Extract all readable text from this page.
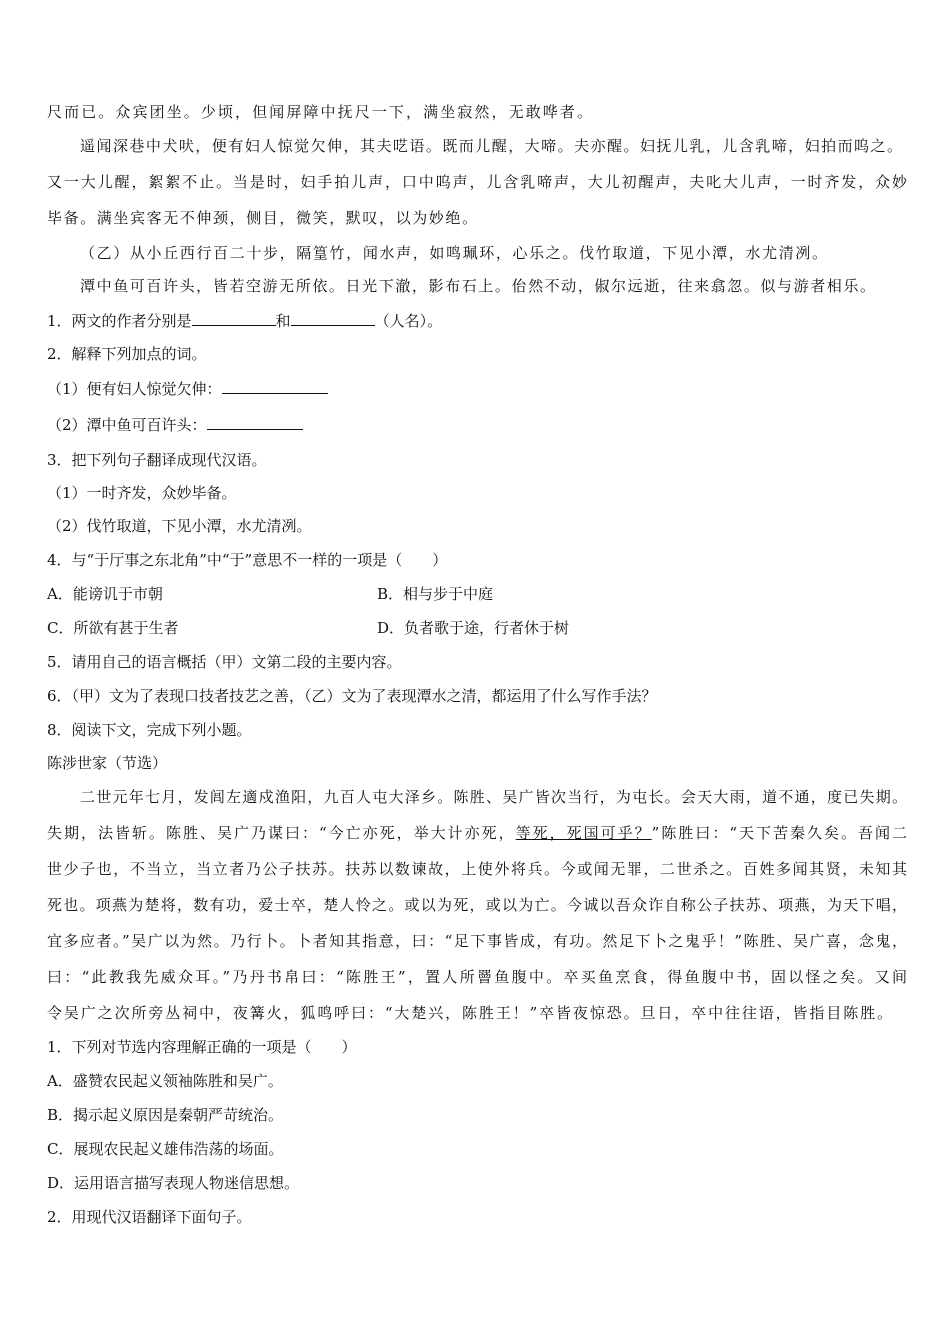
尺而已。众宾团坐。少顷，但闻屏障中抚尺一下，满坐寂然，无敢哗者。
遥闻深巷中犬吠，便有妇人惊觉欠伸，其夫呓语。既而儿醒，大啼。夫亦醒。妇抚儿乳，儿含乳啼，妇拍而呜之。
又一大儿醒，絮絮不止。当是时，妇手拍儿声，口中呜声，儿含乳啼声，大儿初醒声，夫叱大儿声，一时齐发，众妙
毕备。满坐宾客无不伸颈，侧目，微笑，默叹，以为妙绝。
（乙）从小丘西行百二十步，隔篁竹，闻水声，如鸣珮环，心乐之。伐竹取道，下见小潭，水尤清冽。
潭中鱼可百许头，皆若空游无所依。日光下澈，影布石上。佁然不动，俶尔远逝，往来翕忽。似与游者相乐。
1．两文的作者分别是	和	（人名）。
2．解释下列加点的词。
（1）便有妇人惊觉欠伸：
（2）潭中鱼可百许头：
3．把下列句子翻译成现代汉语。
（1）一时齐发，众妙毕备。
（2）伐竹取道，下见小潭，水尤清冽。
4．与“于厅事之东北角”中“于”意思不一样的一项是（　　）
A．能谤讥于市朝	B．相与步于中庭
C．所欲有甚于生者	D．负者歌于途，行者休于树
5．请用自己的语言概括（甲）文第二段的主要内容。
6．（甲）文为了表现口技者技艺之善，（乙）文为了表现潭水之清，都运用了什么写作手法？
8．阅读下文，完成下列小题。
陈涉世家（节选）
二世元年七月，发闾左適戍渔阳，九百人屯大泽乡。陈胜、吴广皆次当行，为屯长。会天大雨，道不通，度已失期。
失期，法皆斩。陈胜、吴广乃谋曰：“今亡亦死，举大计亦死，等死，死国可乎？”陈胜曰：“天下苦秦久矣。吾闻二
世少子也，不当立，当立者乃公子扶苏。扶苏以数谏故，上使外将兵。今或闻无罪，二世杀之。百姓多闻其贤，未知其
死也。项燕为楚将，数有功，爱士卒，楚人怜之。或以为死，或以为亡。今诚以吾众诈自称公子扶苏、项燕，为天下唱，
宜多应者。”吴广以为然。乃行卜。卜者知其指意，曰：“足下事皆成，有功。然足下卜之鬼乎！”陈胜、吴广喜，念鬼，
曰：“此教我先威众耳。”乃丹书帛曰：“陈胜王”，置人所罾鱼腹中。卒买鱼烹食，得鱼腹中书，固以怪之矣。又间
令吴广之次所旁丛祠中，夜篝火，狐鸣呼曰：“大楚兴，陈胜王！”卒皆夜惊恐。旦日，卒中往往语，皆指目陈胜。
1．下列对节选内容理解正确的一项是（　　）
A．盛赞农民起义领袖陈胜和吴广。
B．揭示起义原因是秦朝严苛统治。
C．展现农民起义雄伟浩荡的场面。
D．运用语言描写表现人物迷信思想。
2．用现代汉语翻译下面句子。
